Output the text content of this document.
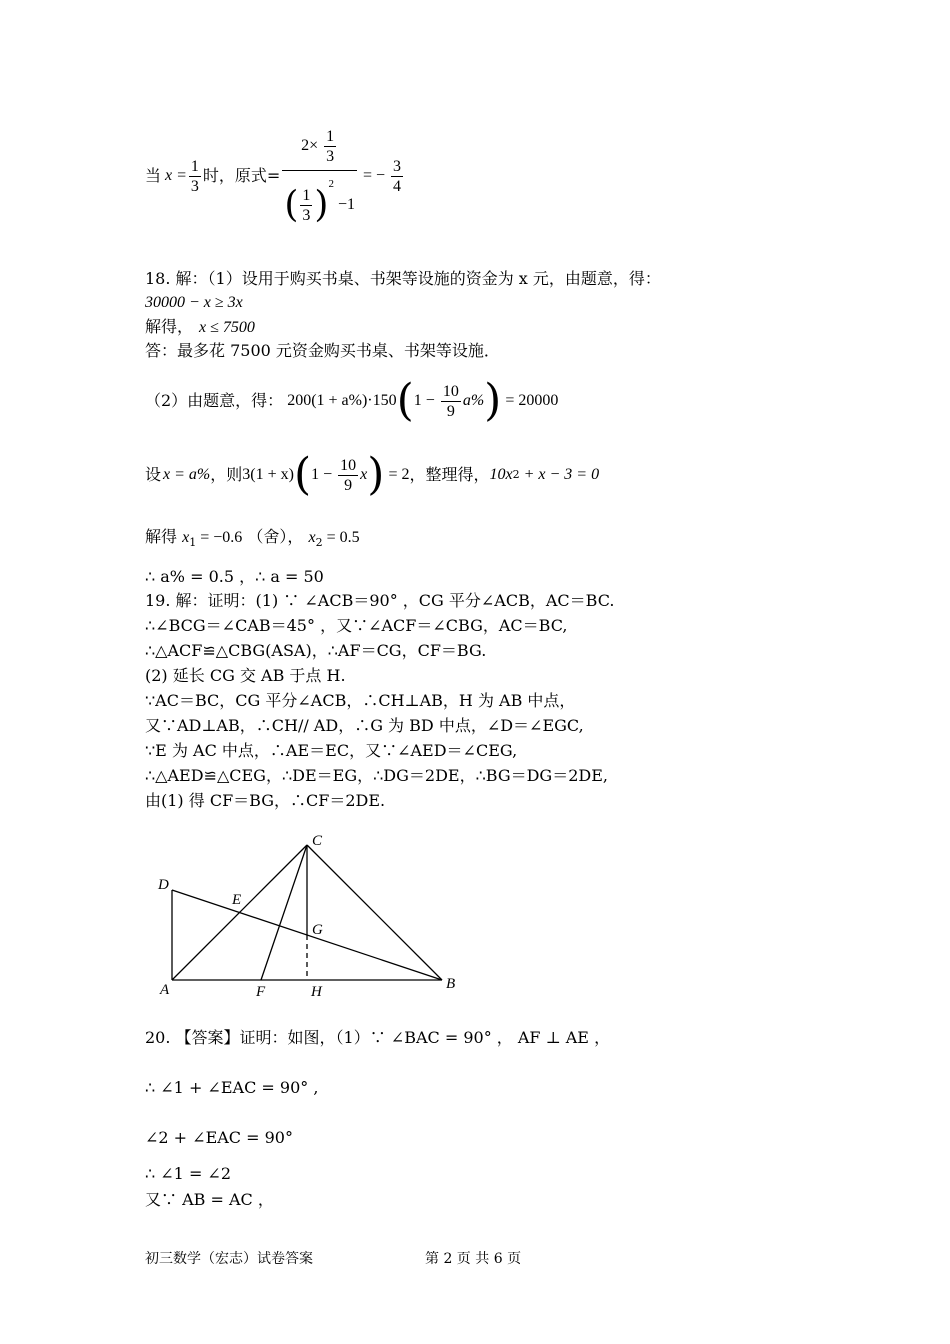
当 $x = \frac{1}{3}$ 时，原式= $\frac{2\times \frac{1}{3}}{( \frac{1}{3} )^2 -1}$ = − $\frac{3}{4}$
18. 解：（1）设用于购买书桌、书架等设施的资金为 x 元，由题意，得：
30000 − x ≥ 3x
解得， x ≤ 7500
答：最多花 7500 元资金购买书桌、书架等设施．
（2）由题意，得： 200(1 + a%)·150 ( $1 - \frac{10}{9} a\%$ ) = 20000
设 x = a% ，则 3(1 + x) ( $1 - \frac{10}{9}$ x ) = 2 ，整理得， 10x 2 + x − 3 = 0
解得 $x_1 = -0.6$ （舍）， $x_2 = 0.5$
∴ a% = 0.5 ，∴ a = 50
19. 解：证明：(1) ∵ ∠ACB＝90° ，CG 平分∠ACB，AC＝BC.
∴∠BCG＝∠CAB＝45° ，又∵∠ACF＝∠CBG，AC＝BC,
∴△ACF≌△CBG(ASA)，∴AF＝CG，CF＝BG.
(2) 延长 CG 交 AB 于点 H.
∵AC＝BC，CG 平分∠ACB，∴CH⊥AB，H 为 AB 中点，
又∵AD⊥AB，∴CH// AD，∴G 为 BD 中点，∠D＝∠EGC,
∵E 为 AC 中点，∴AE＝EC，又∵∠AED＝∠CEG,
∴△AED≌△CEG，∴DE＝EG，∴DG＝2DE，∴BG＝DG＝2DE,
由(1) 得 CF＝BG，∴CF＝2DE.
C
D
E
G
A	F	H	B
20. 【答案】证明：如图，（1）∵ ∠BAC = 90° ， AF ⊥ AE ，
∴ ∠1 + ∠EAC = 90° ,
∠2 + ∠EAC = 90°
∴ ∠1 = ∠2
又∵ AB = AC ，
初三数学（宏志）试卷答案	第 2 页 共 6 页
